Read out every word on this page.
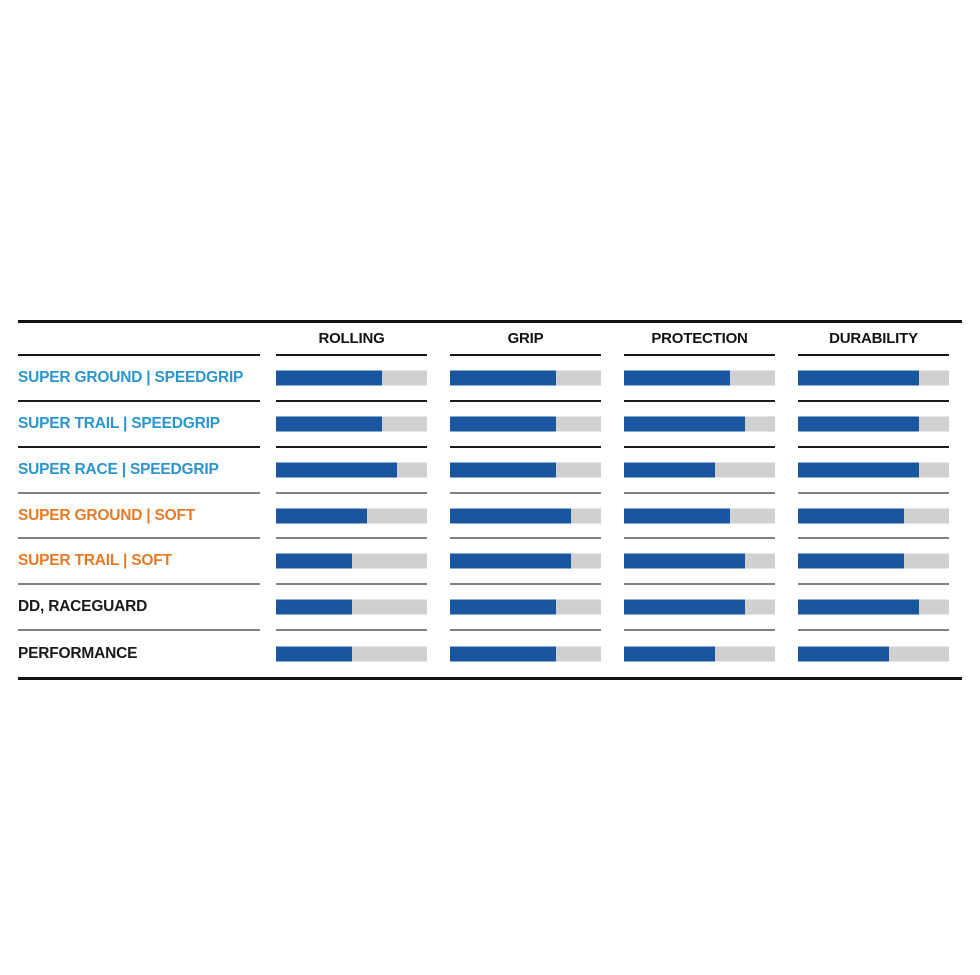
ROLLING	GRIP	PROTECTION	DURABILITY
SUPER GROUND | SPEEDGRIP
SUPER TRAIL | SPEEDGRIP
SUPER RACE | SPEEDGRIP
SUPER GROUND | SOFT
SUPER TRAIL | SOFT
DD, RACEGUARD
PERFORMANCE
